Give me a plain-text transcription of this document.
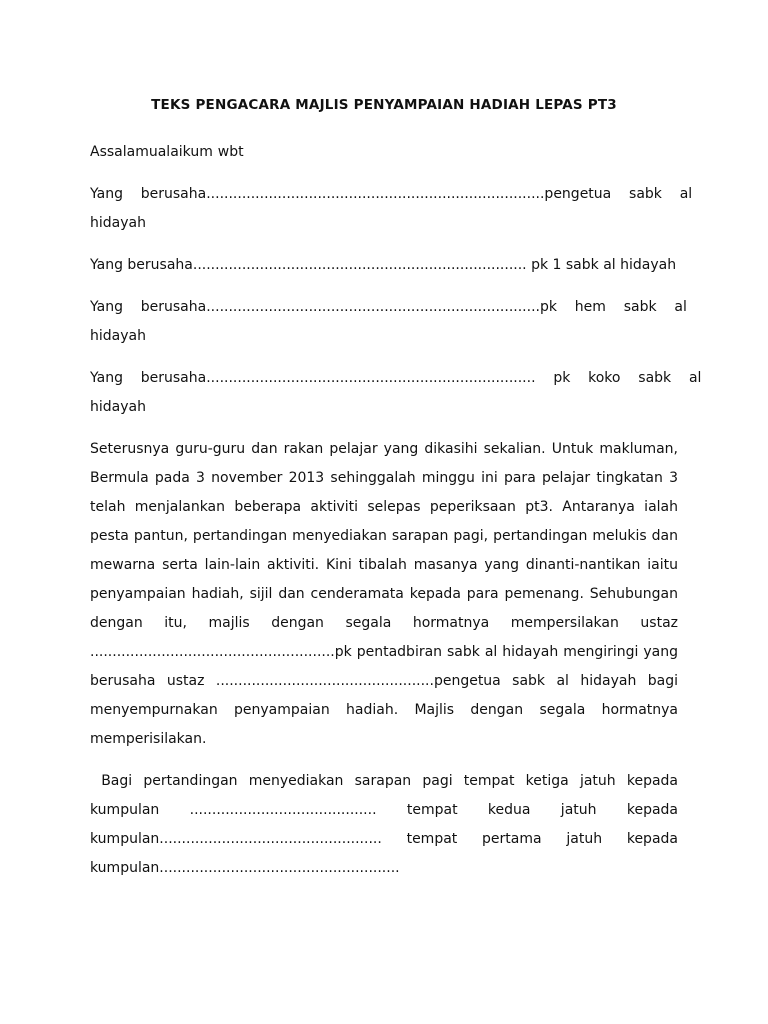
TEKS PENGACARA MAJLIS PENYAMPAIAN HADIAH LEPAS PT3
Assalamualaikum wbt
Yang    berusaha............................................................................pengetua    sabk    al
hidayah
Yang berusaha........................................................................... pk 1 sabk al hidayah
Yang    berusaha...........................................................................pk    hem    sabk    al
hidayah
Yang    berusaha..........................................................................    pk    koko    sabk    al
hidayah
Seterusnya guru-guru dan rakan pelajar yang dikasihi sekalian. Untuk makluman, Bermula pada 3 november 2013 sehinggalah minggu ini para pelajar tingkatan 3 telah menjalankan beberapa aktiviti selepas peperiksaan pt3. Antaranya ialah pesta pantun, pertandingan menyediakan sarapan pagi, pertandingan melukis dan mewarna serta lain-lain aktiviti. Kini tibalah masanya yang dinanti-nantikan iaitu penyampaian hadiah, sijil dan cenderamata kepada para pemenang. Sehubungan dengan itu, majlis dengan segala hormatnya mempersilakan ustaz .......................................................pk pentadbiran sabk al hidayah mengiringi yang berusaha ustaz .................................................pengetua sabk al hidayah bagi menyempurnakan penyampaian hadiah. Majlis dengan segala hormatnya memperisilakan.
Bagi pertandingan menyediakan sarapan pagi tempat ketiga jatuh kepada kumpulan .......................................... tempat kedua jatuh kepada kumpulan.................................................. tempat pertama jatuh kepada kumpulan......................................................
